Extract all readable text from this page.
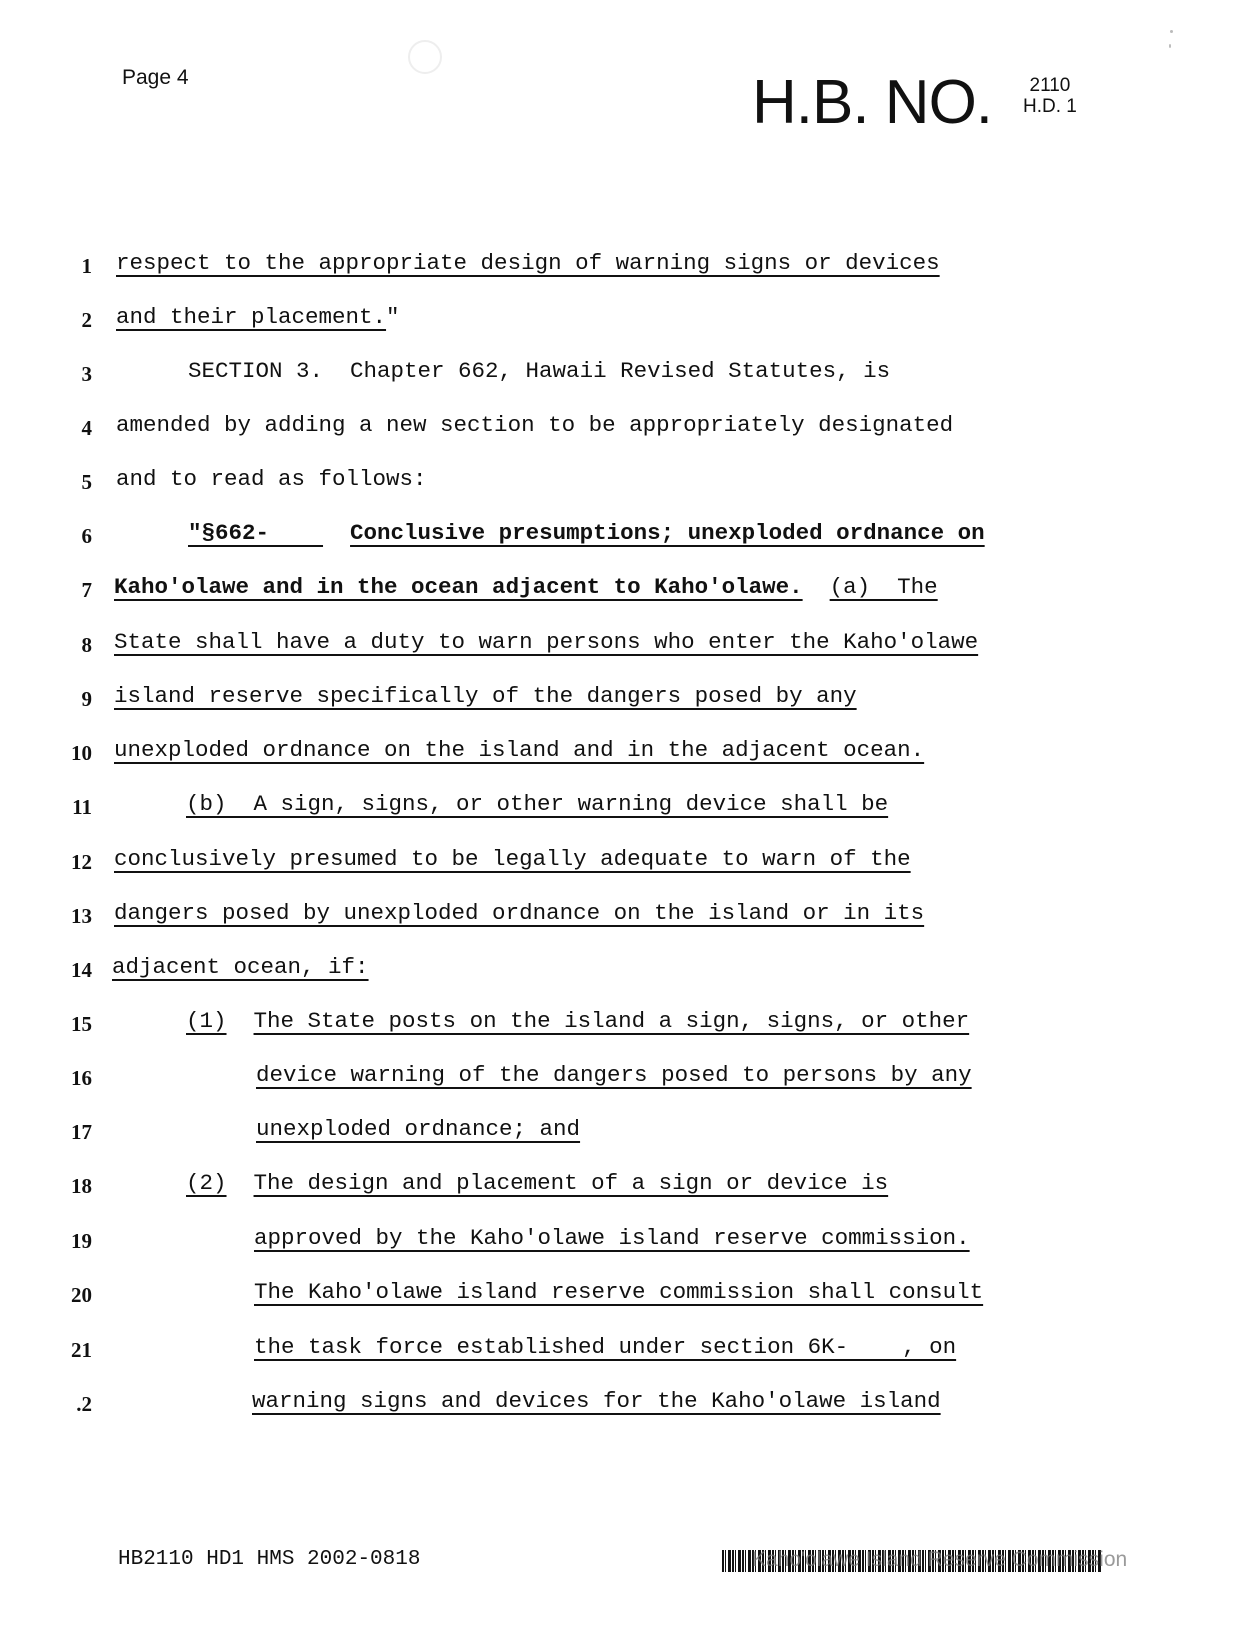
Page 4	H.B. NO.	2110
H.D. 1
1 respect to the appropriate design of warning signs or devices
2 and their placement."
3	SECTION 3.  Chapter 662, Hawaii Revised Statutes, is
4 amended by adding a new section to be appropriately designated
5 and to read as follows:
6	"§662-      Conclusive presumptions; unexploded ordnance on
7 Kaho'olawe and in the ocean adjacent to Kaho'olawe. (a)  The
8 State shall have a duty to warn persons who enter the Kaho'olawe
9 island reserve specifically of the dangers posed by any
10 unexploded ordnance on the island and in the adjacent ocean.
11	(b)  A sign, signs, or other warning device shall be
12 conclusively presumed to be legally adequate to warn of the
13 dangers posed by unexploded ordnance on the island or in its
14 adjacent ocean, if:
15	(1) The State posts on the island a sign, signs, or other
16	device warning of the dangers posed to persons by any
17	unexploded ordnance; and
18	(2) The design and placement of a sign or device is
19	approved by the Kaho'olawe island reserve commission.
20	The Kaho'olawe island reserve commission shall consult
21	the task force established under section 6K-    , on
.2	warning signs and devices for the Kaho'olawe island
HB2110 HD1 HMS 2002-0818	Kaho'olawe Island Reserve Commission
